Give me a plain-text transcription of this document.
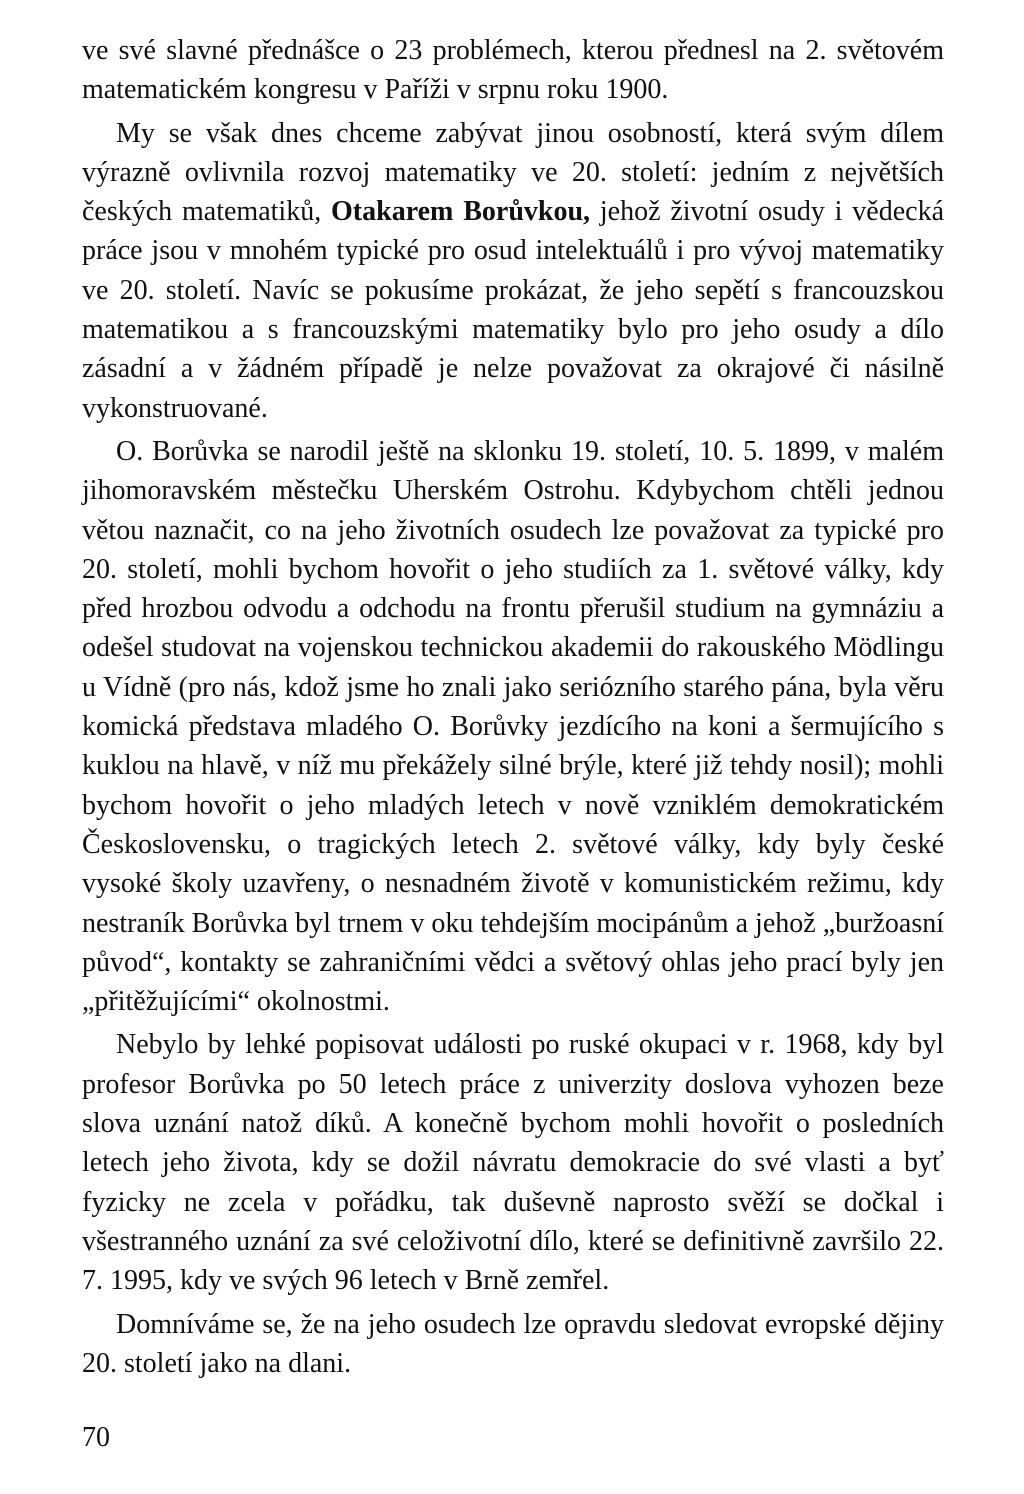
ve své slavné přednášce o 23 problémech, kterou přednesl na 2. světovém matematickém kongresu v Paříži v srpnu roku 1900.

My se však dnes chceme zabývat jinou osobností, která svým dílem výrazně ovlivnila rozvoj matematiky ve 20. století: jedním z největších českých matematiků, Otakarem Borůvkou, jehož životní osudy i vědecká práce jsou v mnohém typické pro osud intelektuálů i pro vývoj matematiky ve 20. století. Navíc se pokusíme prokázat, že jeho sepětí s francouzskou matematikou a s francouzskými matematiky bylo pro jeho osudy a dílo zásadní a v žádném případě je nelze považovat za okrajové či násilně vykonstruované.

O. Borůvka se narodil ještě na sklonku 19. století, 10. 5. 1899, v malém jihomoravském městečku Uherském Ostrohu. Kdybychom chtěli jednou větou naznačit, co na jeho životních osudech lze považovat za typické pro 20. století, mohli bychom hovořit o jeho studiích za 1. světové války, kdy před hrozbou odvodu a odchodu na frontu přerušil studium na gymnáziu a odešel studovat na vojenskou technickou akademii do rakouského Mödlingu u Vídně (pro nás, kdož jsme ho znali jako seriózního starého pána, byla věru komická představa mladého O. Borůvky jezdícího na koni a šermujícího s kuklou na hlavě, v níž mu překážely silné brýle, které již tehdy nosil); mohli bychom hovořit o jeho mladých letech v nově vzniklém demokratickém Československu, o tragických letech 2. světové války, kdy byly české vysoké školy uzavřeny, o nesnadném životě v komunistickém režimu, kdy nestraník Borůvka byl trnem v oku tehdejším mocipánům a jehož „buržoasní původ“, kontakty se zahraničními vědci a světový ohlas jeho prací byly jen „přitěžujícími“ okolnostmi.

Nebylo by lehké popisovat události po ruské okupaci v r. 1968, kdy byl profesor Borůvka po 50 letech práce z univerzity doslova vyhozen beze slova uznání natož díků. A konečně bychom mohli hovořit o posledních letech jeho života, kdy se dožil návratu demokracie do své vlasti a byť fyzicky ne zcela v pořádku, tak duševně naprosto svěží se dočkal i všestranného uznání za své celoživotní dílo, které se definitivně završilo 22. 7. 1995, kdy ve svých 96 letech v Brně zemřel.

Domníváme se, že na jeho osudech lze opravdu sledovat evropské dějiny 20. století jako na dlani.

70
